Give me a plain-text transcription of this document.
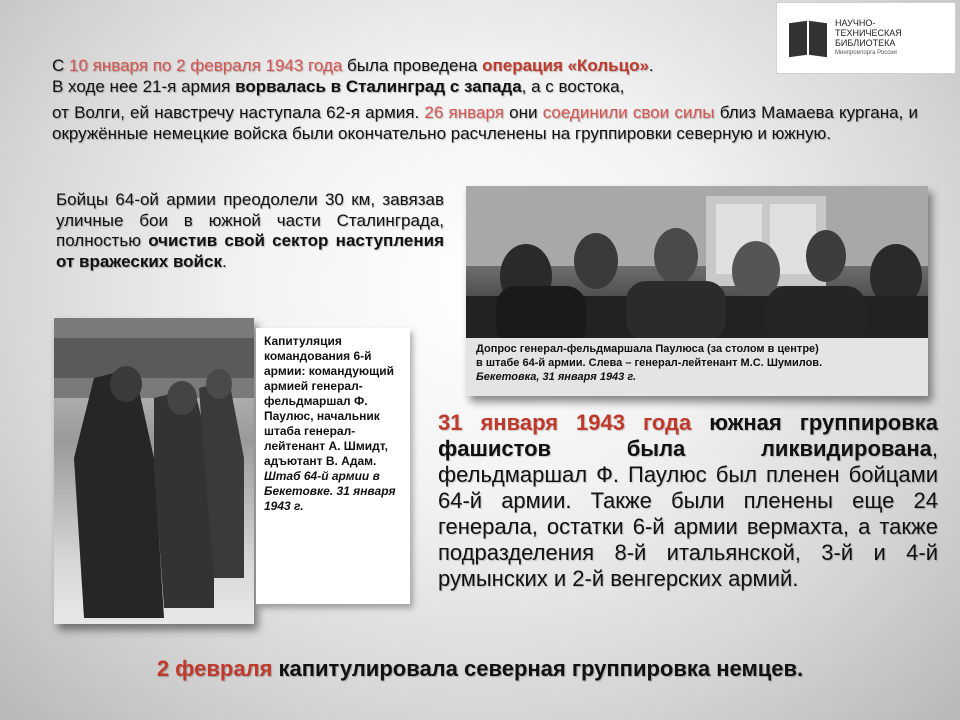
НАУЧНО-
ТЕХНИЧЕСКАЯ
БИБЛИОТЕКА
Минпромторга России

С 10 января по 2 февраля 1943 года была проведена операция «Кольцо».

В ходе нее 21-я армия ворвалась в Сталинград с запада, а с востока,

от Волги, ей навстречу наступала 62-я армия. 26 января они соединили свои силы близ Мамаева кургана, и окружённые немецкие войска были окончательно расчленены на группировки северную и южную.

Бойцы 64-ой армии преодолели 30 км, завязав уличные бои в южной части Сталинграда, полностью очистив свой сектор наступления от вражеских войск.
Допрос генерал-фельдмаршала Паулюса (за столом в центре)
в штабе 64-й армии. Слева – генерал-лейтенант М.С. Шумилов.
Бекетовка, 31 января 1943 г.
Капитуляция командования 6-й армии: командующий армией генерал-фельдмаршал Ф. Паулюс, начальник штаба генерал-лейтенант А. Шмидт, адъютант В. Адам.
Штаб 64-й армии в Бекетовке. 31 января 1943 г.
31 января 1943 года южная группировка фашистов была ликвидирована, фельдмаршал Ф. Паулюс был пленен бойцами 64-й армии. Также были пленены еще 24 генерала, остатки 6-й армии вермахта, а также подразделения 8-й итальянской, 3-й и 4-й румынских и 2-й венгерских армий.
2 февраля капитулировала северная группировка немцев.
